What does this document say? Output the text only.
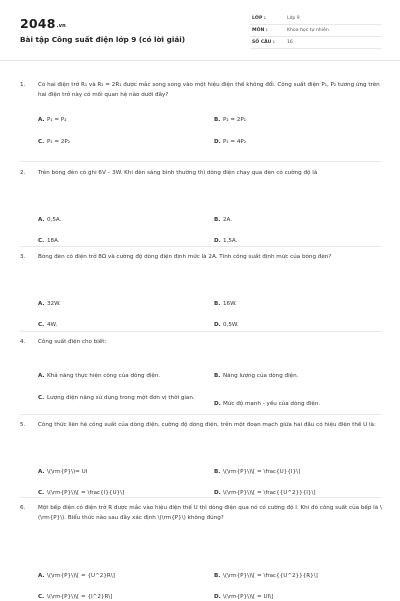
2048.vn
Bài tập Công suất điện lớp 9 (có lời giải)
LỚP :	Lớp 9
MÔN :	Khoa học tự nhiên
SỐ CÂU :	16
1.	Có hai điện trở R₁ và R₂ = 2R₁ được mắc song song vào một hiệu điện thế không đổi. Công suất điện P₁, P₂ tương ứng trên hai điện trở này có mối quan hệ nào dưới đây?
A. P₁ = P₂	B. P₂ = 2P₁
C. P₁ = 2P₂	D. P₁ = 4P₂
2.	Trên bóng đèn có ghi 6V – 3W. Khi đèn sáng bình thường thì dòng điện chạy qua đèn có cường độ là
A. 0,5A.	B. 2A.
C. 18A.	D. 1,5A.
3.	Bóng đèn có điện trở 8Ω và cường độ dòng điện định mức là 2A. Tính công suất định mức của bóng đèn?
A. 32W.	B. 16W.
C. 4W.	D. 0,5W.
4.	Công suất điện cho biết:
A. Khả năng thực hiện công của dòng điện.	B. Năng lượng của dòng điện.
C. Lượng điện năng sử dụng trong một đơn vị thời gian.
D. Mức độ mạnh - yếu của dòng điện.
5.	Công thức liên hệ công suất của dòng điện, cường độ dòng điện, trên một đoạn mạch giữa hai đầu có hiệu điện thế U là:
A. \(\rm{P}\)= UI	B. \(\rm{P}\)\[ = \frac{U}{I}\]
C. \(\rm{P}\)\[ = \frac{I}{U}\]	D. \(\rm{P}\)\[ = \frac{{U^2}}{I}\]
6.	Một bếp điện có điện trở R được mắc vào hiệu điện thế U thì dòng điện qua nó có cường độ I. Khi đó công suất của bếp là \(\rm{P}\). Biểu thức nào sau đây xác định \(\rm{P}\) không đúng?
A. \(\rm{P}\)\[ = {U^2}R\]	B. \(\rm{P}\)\[ = \frac{{U^2}}{R}\]
C. \(\rm{P}\)\[ = {I^2}R\]	D. \(\rm{P}\)\[ = UI\]
